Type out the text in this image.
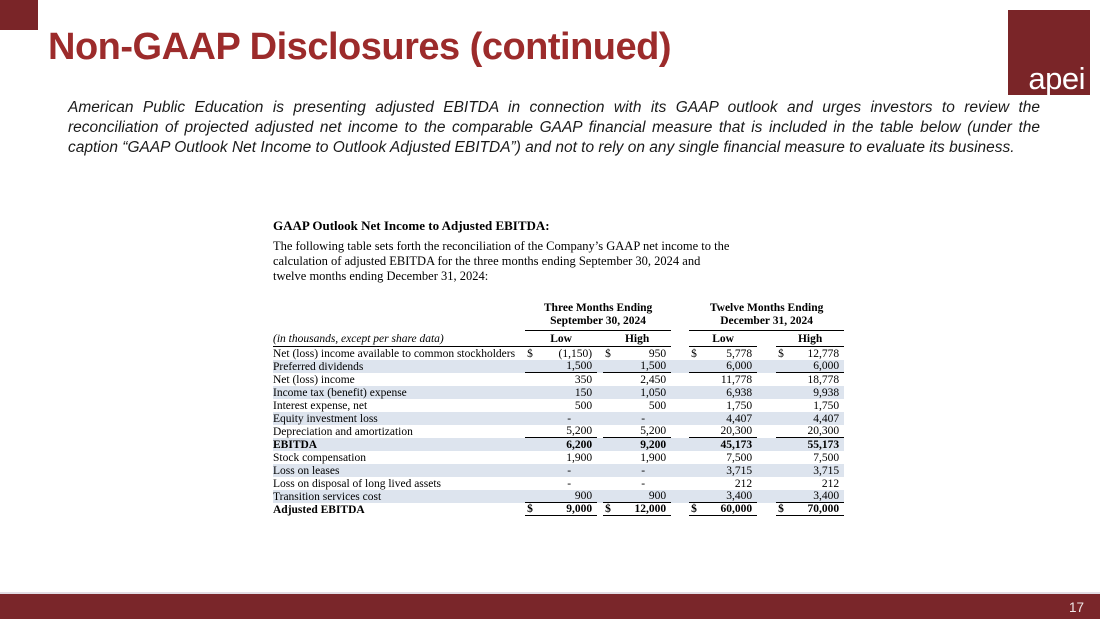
Non-GAAP Disclosures (continued)
apei

American Public Education is presenting adjusted EBITDA in connection with its GAAP outlook and urges investors to review the reconciliation of projected adjusted net income to the comparable GAAP financial measure that is included in the table below (under the caption “GAAP Outlook Net Income to Outlook Adjusted EBITDA”) and not to rely on any single financial measure to evaluate its business.

GAAP Outlook Net Income to Adjusted EBITDA:
The following table sets forth the reconciliation of the Company’s GAAP net income to the
calculation of adjusted EBITDA for the three months ending September 30, 2024 and
twelve months ending December 31, 2024:

Three Months Ending
September 30, 2024

Twelve Months Ending
December 31, 2024

(in thousands, except per share data)		Low		High		Low		High
Net (loss) income available to common stockholders		$ (1,150)		$ 950		$ 5,778		$ 12,778

Preferred dividends		1,500		1,500		6,000		6,000

Net (loss) income		350		2,450		11,778		18,778

Income tax (benefit) expense		150		1,050		6,938		9,938

Interest expense, net		500		500		1,750		1,750

Equity investment loss		-		-		4,407		4,407

Depreciation and amortization		5,200		5,200		20,300		20,300

EBITDA		6,200		9,200		45,173		55,173

Stock compensation		1,900		1,900		7,500		7,500

Loss on leases		-		-		3,715		3,715

Loss on disposal of long lived assets		-		-		212		212

Transition services cost		900		900		3,400		3,400

Adjusted EBITDA		$ 9,000		$ 12,000		$ 60,000		$ 70,000
17
